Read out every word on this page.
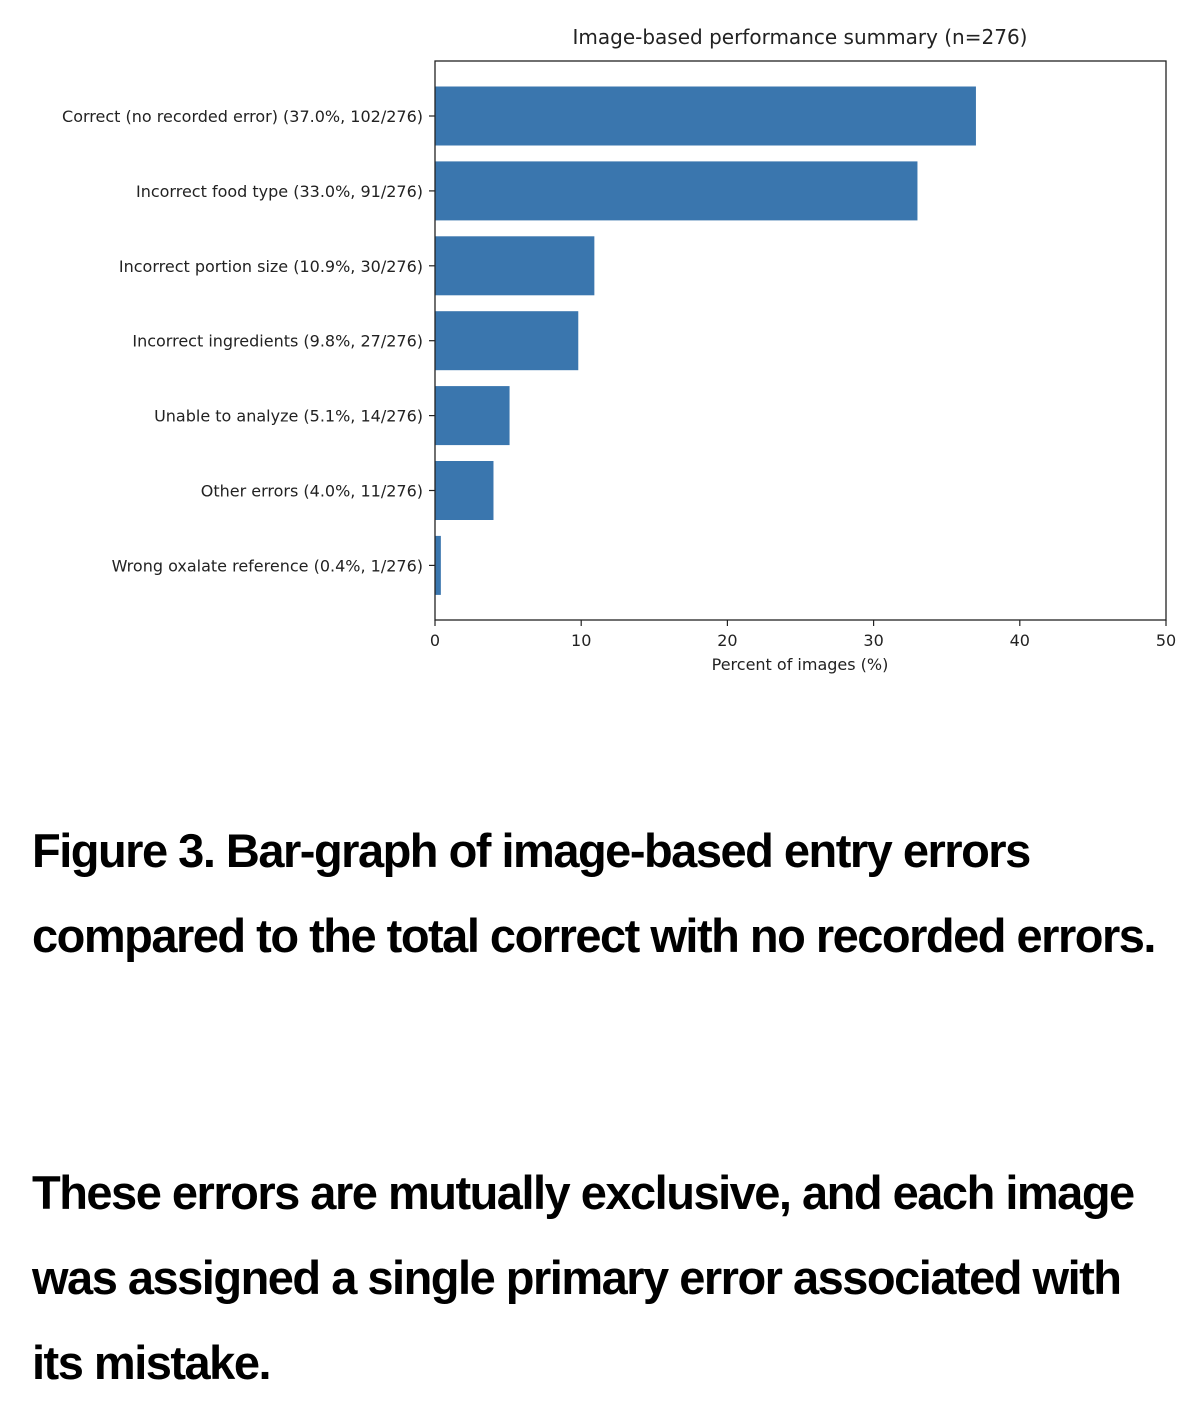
Image-based performance summary (n=276)
Correct (no recorded error) (37.0%, 102/276)
Incorrect food type (33.0%, 91/276)
Incorrect portion size (10.9%, 30/276)
Incorrect ingredients (9.8%, 27/276)
Unable to analyze (5.1%, 14/276)
Other errors (4.0%, 11/276)
Wrong oxalate reference (0.4%, 1/276)
0	10	20	30	40	50
Percent of images (%)

Figure 3. Bar-graph of image-based entry errors compared to the total correct with no recorded errors.

These errors are mutually exclusive, and each image was assigned a single primary error associated with its mistake.
